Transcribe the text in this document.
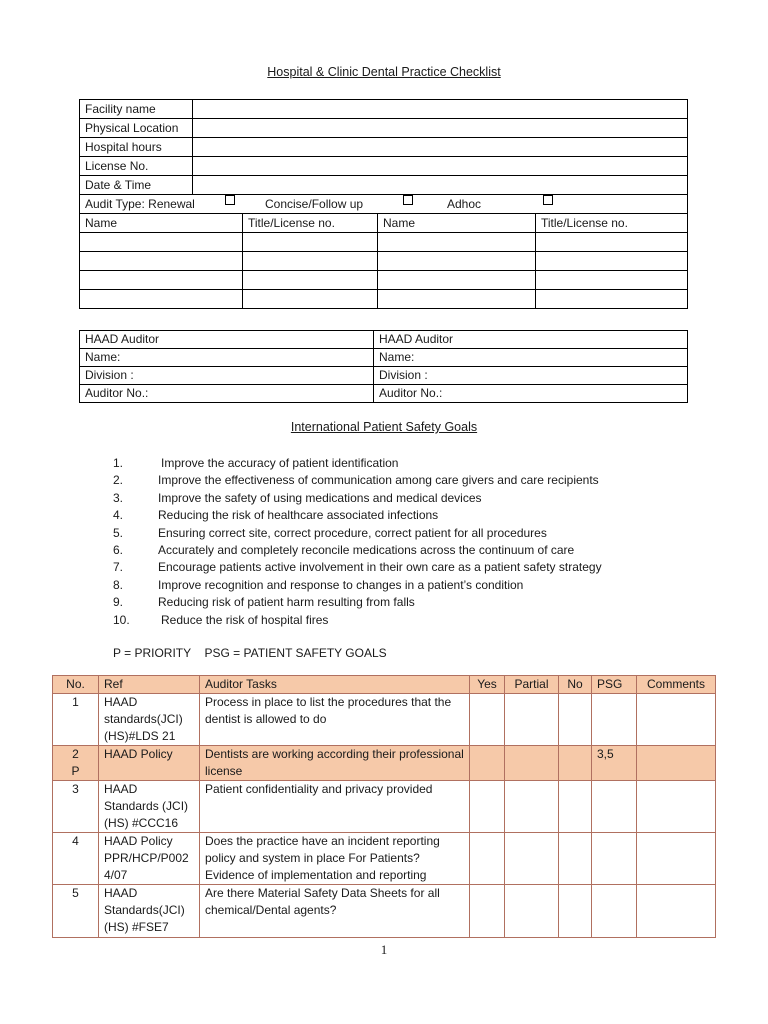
Hospital & Clinic Dental Practice Checklist
Facility name				
Physical Location				
Hospital hours				
License No.				
Date & Time				

Audit Type: Renewal Concise/Follow up Adhoc				

Name		Title/License no.	Name	Title/License no.

HAAD Auditor	HAAD Auditor
Name:	Name:
Division :	Division :
Auditor No.:	Auditor No.:
International Patient Safety Goals
1.	Improve the accuracy of patient identification
2.	Improve the effectiveness of communication among care givers and care recipients
3.	Improve the safety of using medications and medical devices
4.	Reducing the risk of healthcare associated infections
5.	Ensuring correct site, correct procedure, correct patient for all procedures
6.	Accurately and completely reconcile medications across the continuum of care
7.	Encourage patients active involvement in their own care as a patient safety strategy
8.	Improve recognition and response to changes in a patient’s condition
9.	Reducing risk of patient harm resulting from falls
10.	Reduce the risk of hospital fires
P = PRIORITY PSG = PATIENT SAFETY GOALS
No.	Ref	Auditor Tasks	Yes	Partial	No	PSG	Comments
1	HAAD standards(JCI) (HS)#LDS 21	Process in place to list the procedures that the dentist is allowed to do					

2 P	HAAD Policy	Dentists are working according their professional license				3,5	
3	HAAD Standards (JCI) (HS) #CCC16	Patient confidentiality and privacy provided					
4	HAAD Policy PPR/HCP/P002 4/07	Does the practice have an incident reporting policy and system in place For Patients? Evidence of implementation and reporting					
5	HAAD Standards(JCI) (HS) #FSE7	Are there Material Safety Data Sheets for all chemical/Dental agents?					
1
